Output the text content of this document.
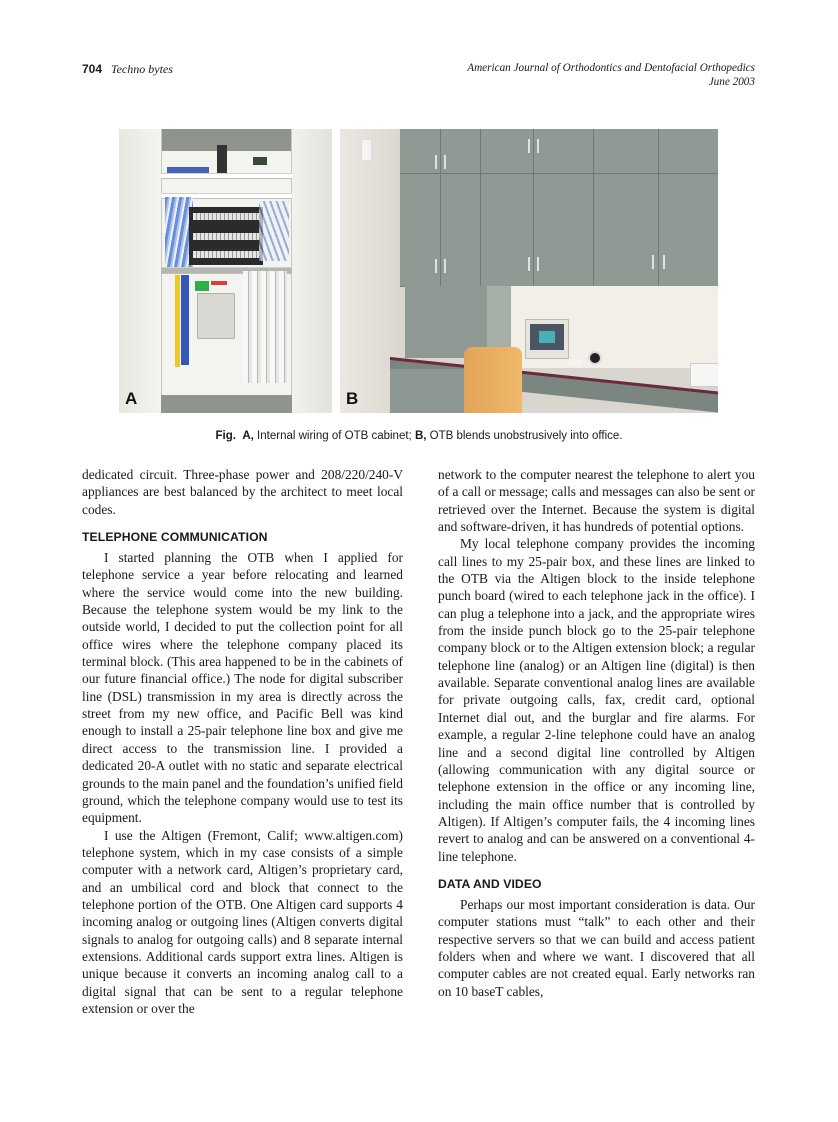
704 Techno bytes	American Journal of Orthodontics and Dentofacial Orthopedics
June 2003
A	B
Fig. A, Internal wiring of OTB cabinet; B, OTB blends unobstrusively into office.

dedicated circuit. Three-phase power and 208/220/240-V appliances are best balanced by the architect to meet local codes.

TELEPHONE COMMUNICATION

I started planning the OTB when I applied for telephone service a year before relocating and learned where the service would come into the new building. Because the telephone system would be my link to the outside world, I decided to put the collection point for all office wires where the telephone company placed its terminal block. (This area happened to be in the cabinets of our future financial office.) The node for digital subscriber line (DSL) transmission in my area is directly across the street from my new office, and Pacific Bell was kind enough to install a 25-pair telephone line box and give me direct access to the transmission line. I provided a dedicated 20-A outlet with no static and separate electrical grounds to the main panel and the foundation’s unified field ground, which the telephone company would use to test its equipment.

I use the Altigen (Fremont, Calif; www.altigen.com) telephone system, which in my case consists of a simple computer with a network card, Altigen’s proprietary card, and an umbilical cord and block that connect to the telephone portion of the OTB. One Altigen card supports 4 incoming analog or outgoing lines (Altigen converts digital signals to analog for outgoing calls) and 8 separate internal extensions. Additional cards support extra lines. Altigen is unique because it converts an incoming analog call to a digital signal that can be sent to a regular telephone extension or over the

network to the computer nearest the telephone to alert you of a call or message; calls and messages can also be sent or retrieved over the Internet. Because the system is digital and software-driven, it has hundreds of potential options.

My local telephone company provides the incoming call lines to my 25-pair box, and these lines are linked to the OTB via the Altigen block to the inside telephone punch board (wired to each telephone jack in the office). I can plug a telephone into a jack, and the appropriate wires from the inside punch block go to the 25-pair telephone company block or to the Altigen extension block; a regular telephone line (analog) or an Altigen line (digital) is then available. Separate conventional analog lines are available for private outgoing calls, fax, credit card, optional Internet dial out, and the burglar and fire alarms. For example, a regular 2-line telephone could have an analog line and a second digital line controlled by Altigen (allowing communication with any digital source or telephone extension in the office or any incoming line, including the main office number that is controlled by Altigen). If Altigen’s computer fails, the 4 incoming lines revert to analog and can be answered on a conventional 4-line telephone.

DATA AND VIDEO

Perhaps our most important consideration is data. Our computer stations must “talk” to each other and their respective servers so that we can build and access patient folders when and where we want. I discovered that all computer cables are not created equal. Early networks ran on 10 baseT cables,
